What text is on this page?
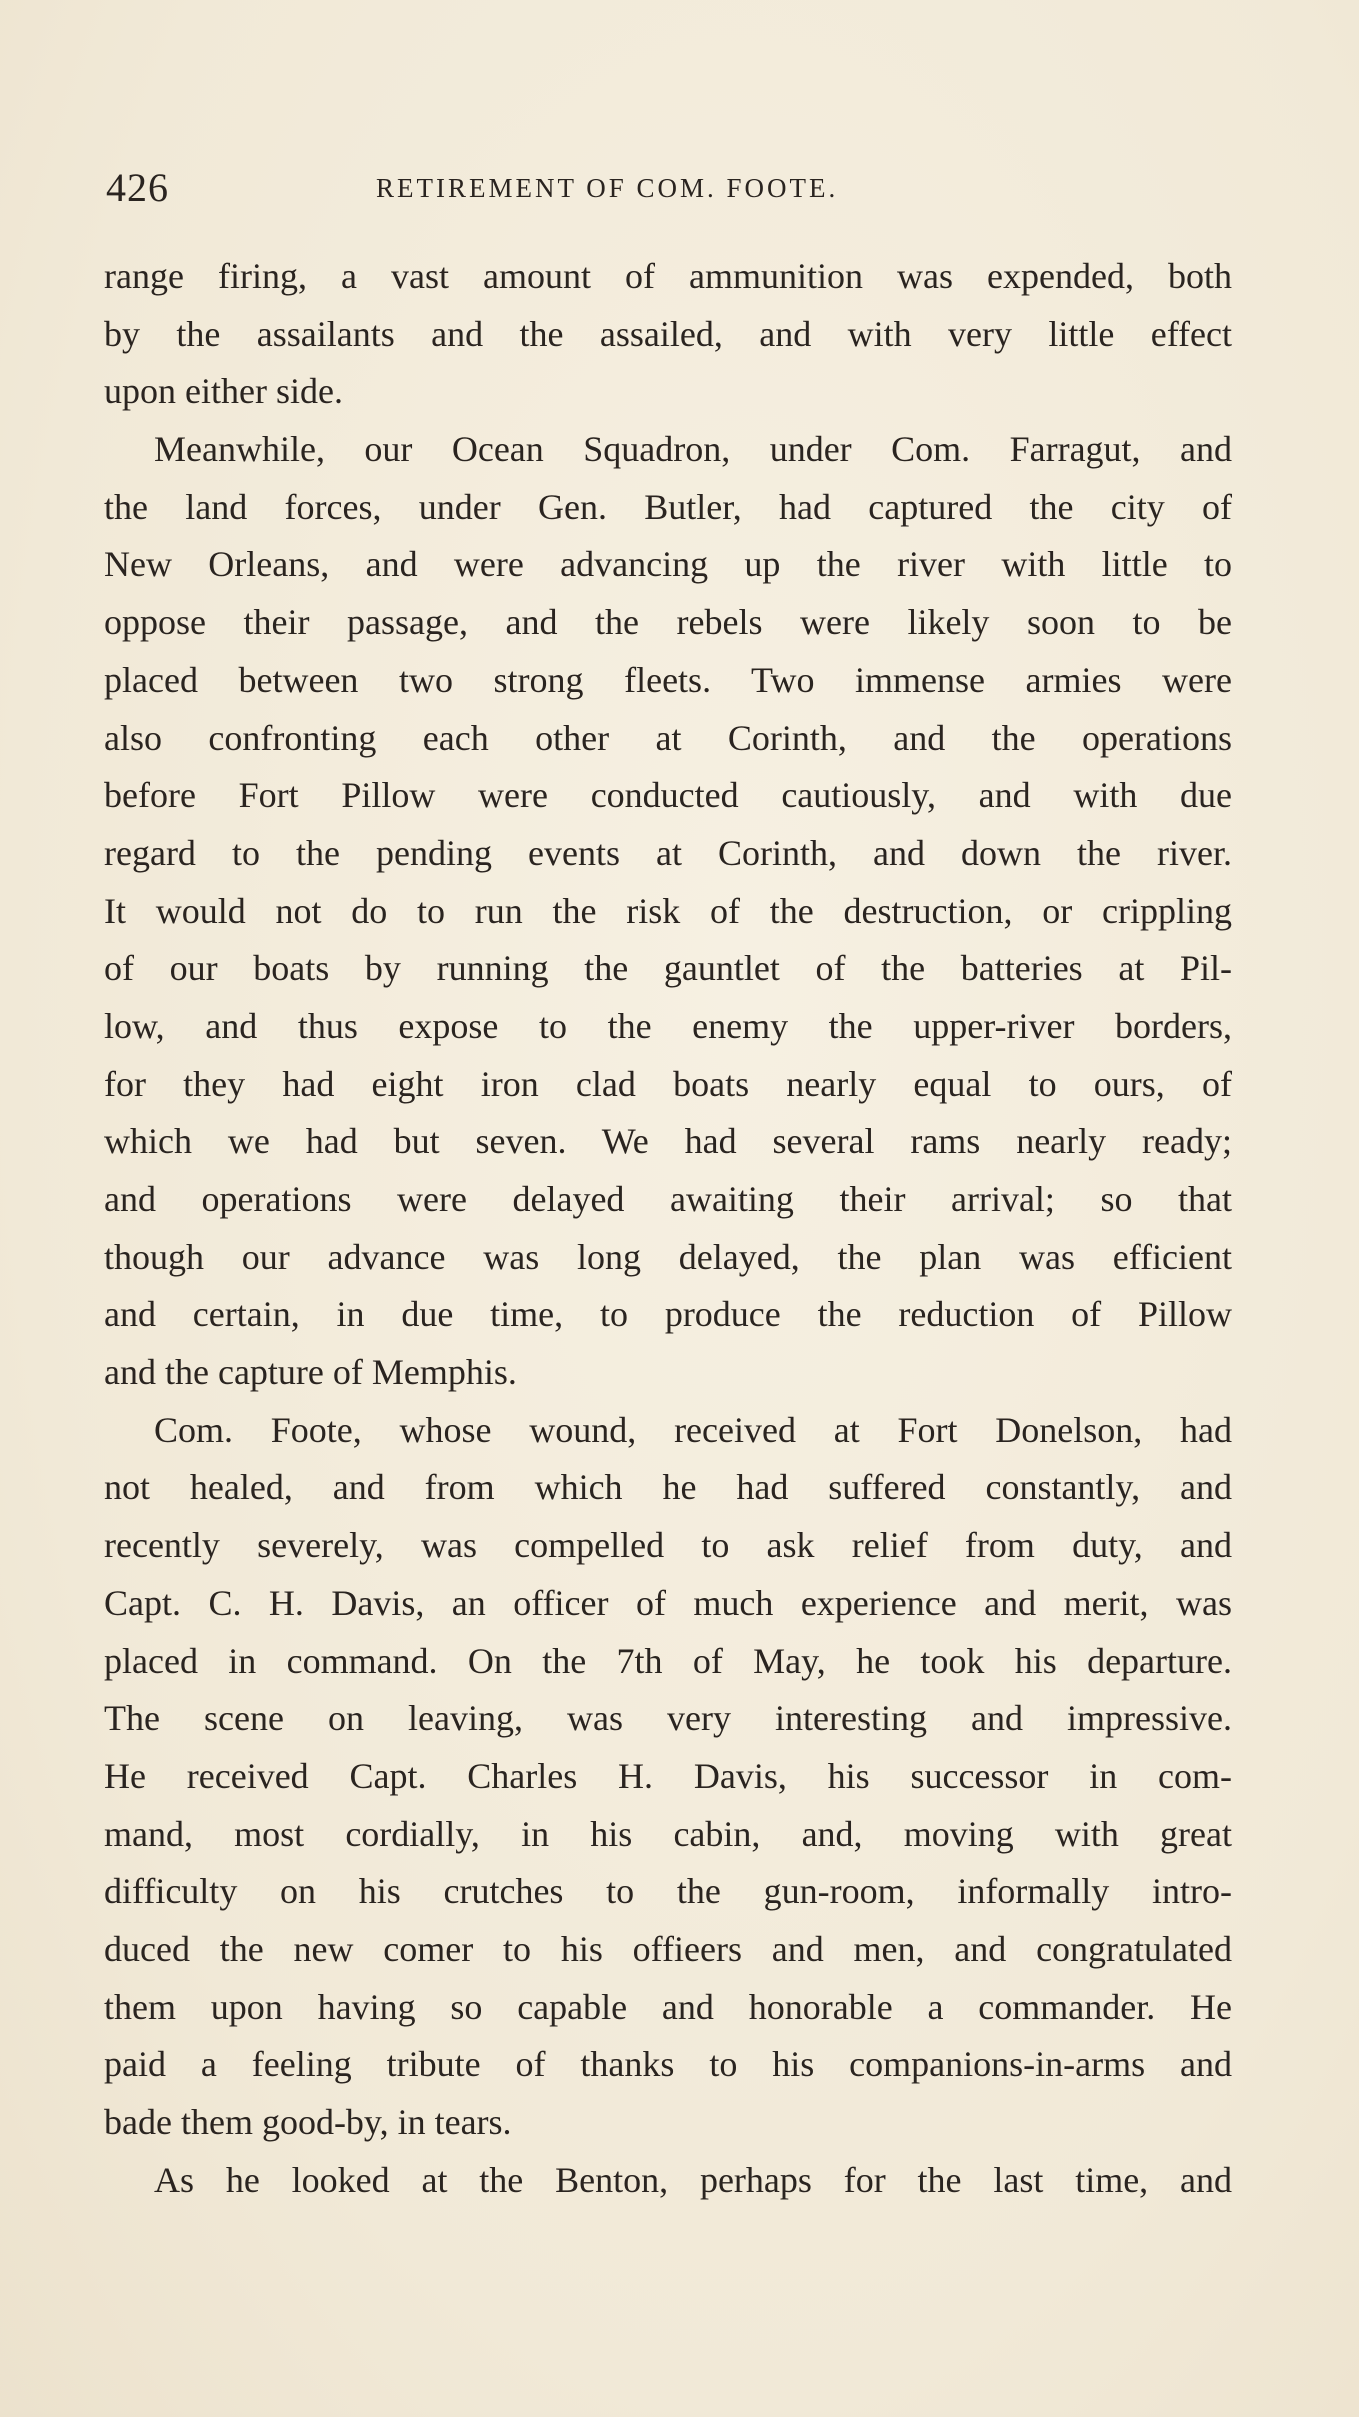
426	RETIREMENT OF COM. FOOTE.
range firing, a vast amount of ammunition was expended, both
by the assailants and the assailed, and with very little effect
upon either side.
Meanwhile, our Ocean Squadron, under Com. Farragut, and
the land forces, under Gen. Butler, had captured the city of
New Orleans, and were advancing up the river with little to
oppose their passage, and the rebels were likely soon to be
placed between two strong fleets. Two immense armies were
also confronting each other at Corinth, and the operations
before Fort Pillow were conducted cautiously, and with due
regard to the pending events at Corinth, and down the river.
It would not do to run the risk of the destruction, or crippling
of our boats by running the gauntlet of the batteries at Pil-
low, and thus expose to the enemy the upper-river borders,
for they had eight iron clad boats nearly equal to ours, of
which we had but seven. We had several rams nearly ready;
and operations were delayed awaiting their arrival; so that
though our advance was long delayed, the plan was efficient
and certain, in due time, to produce the reduction of Pillow
and the capture of Memphis.
Com. Foote, whose wound, received at Fort Donelson, had
not healed, and from which he had suffered constantly, and
recently severely, was compelled to ask relief from duty, and
Capt. C. H. Davis, an officer of much experience and merit, was
placed in command. On the 7th of May, he took his departure.
The scene on leaving, was very interesting and impressive.
He received Capt. Charles H. Davis, his successor in com-
mand, most cordially, in his cabin, and, moving with great
difficulty on his crutches to the gun-room, informally intro-
duced the new comer to his offieers and men, and congratulated
them upon having so capable and honorable a commander. He
paid a feeling tribute of thanks to his companions-in-arms and
bade them good-by, in tears.
As he looked at the Benton, perhaps for the last time, and
